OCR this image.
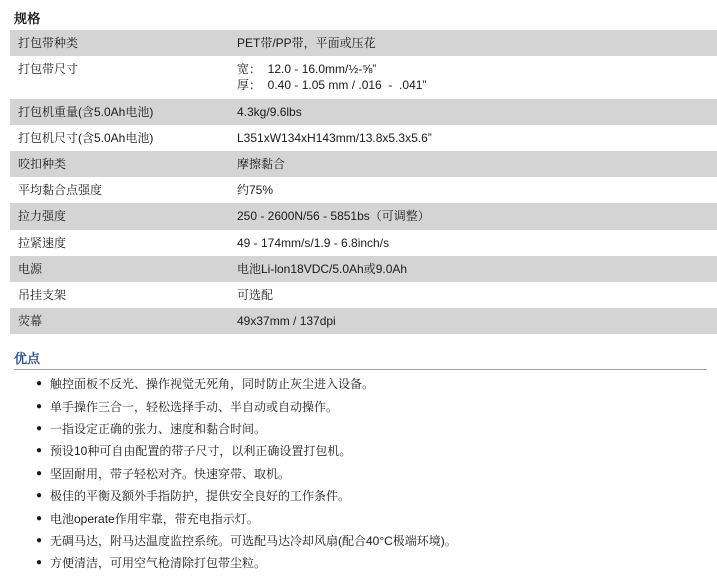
规格
打包带种类	PET带/PP带，平面或压花
打包带尺寸	宽：  12.0 - 16.0mm/½-⅝”
厚：  0.40 - 1.05 mm / .016  -  .041”

打包机重量(含5.0Ah电池)	4.3kg/9.6lbs
打包机尺寸(含5.0Ah电池)	L351xW134xH143mm/13.8x5.3x5.6”
咬扣种类	摩擦黏合
平均黏合点强度	约75%
拉力强度	250 - 2600N/56 - 5851bs（可调整）
拉紧速度	49 - 174mm/s/1.9 - 6.8inch/s
电源	电池Li-lon18VDC/5.0Ah或9.0Ah
吊挂支架	可选配
荧幕	49x37mm / 137dpi
优点
● 触控面板不反光、操作视觉无死角，同时防止灰尘进入设备。
● 单手操作三合一，轻松选择手动、半自动或自动操作。
● 一指设定正确的张力、速度和黏合时间。
● 预设10种可自由配置的带子尺寸，以利正确设置打包机。
● 坚固耐用，带子轻松对齐。快速穿带、取机。
● 极佳的平衡及额外手指防护，提供安全良好的工作条件。
● 电池operate作用牢靠，带充电指示灯。
● 无碉马达，附马达温度监控系统。可选配马达冷却风扇(配合40°C极端环境)。
● 方便清洁，可用空气枪清除打包带尘粒。
